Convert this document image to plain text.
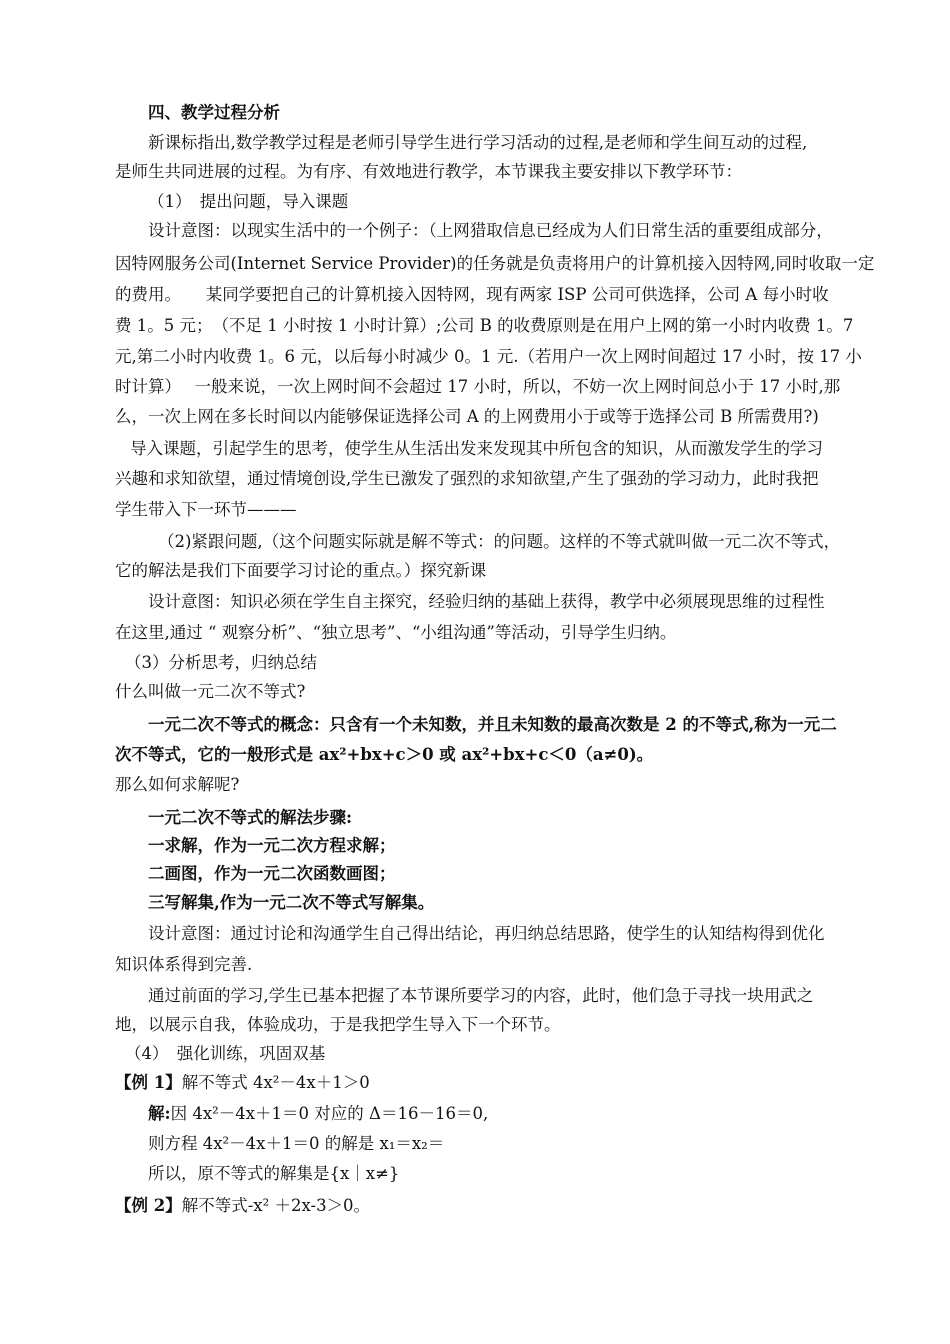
四、教学过程分析
新课标指出,数学教学过程是老师引导学生进行学习活动的过程,是老师和学生间互动的过程,
是师生共同进展的过程。为有序、有效地进行教学，本节课我主要安排以下教学环节：
（1）　提出问题，导入课题
设计意图：以现实生活中的一个例子：（上网猎取信息已经成为人们日常生活的重要组成部分，
因特网服务公司(Internet Service Provider)的任务就是负责将用户的计算机接入因特网,同时收取一定
的费用。　　某同学要把自己的计算机接入因特网，现有两家 ISP 公司可供选择，公司 A 每小时收
费 1。5 元；　（不足 1 小时按 1 小时计算）;公司 B 的收费原则是在用户上网的第一小时内收费 1。7
元,第二小时内收费 1。6 元，以后每小时减少 0。1 元.（若用户一次上网时间超过 17 小时，按 17 小
时计算）　 一般来说，一次上网时间不会超过 17 小时，所以，不妨一次上网时间总小于 17 小时,那
么，一次上网在多长时间以内能够保证选择公司 A 的上网费用小于或等于选择公司 B 所需费用?)
导入课题，引起学生的思考，使学生从生活出发来发现其中所包含的知识，从而激发学生的学习
兴趣和求知欲望，通过情境创设,学生已激发了强烈的求知欲望,产生了强劲的学习动力，此时我把
学生带入下一环节———
（2)紧跟问题,（这个问题实际就是解不等式：的问题。这样的不等式就叫做一元二次不等式，
它的解法是我们下面要学习讨论的重点。）探究新课
设计意图：知识必须在学生自主探究，经验归纳的基础上获得，教学中必须展现思维的过程性
在这里,通过 “ 观察分析”、“独立思考”、“小组沟通”等活动，引导学生归纳。
（3）分析思考，归纳总结
什么叫做一元二次不等式?
一元二次不等式的概念：只含有一个未知数，并且未知数的最高次数是 2 的不等式,称为一元二
次不等式，它的一般形式是 ax²+bx+c＞0 或 ax²+bx+c＜0（a≠0)。
那么如何求解呢?
一元二次不等式的解法步骤:
一求解，作为一元二次方程求解；
二画图，作为一元二次函数画图；
三写解集,作为一元二次不等式写解集。
设计意图：通过讨论和沟通学生自己得出结论，再归纳总结思路，使学生的认知结构得到优化
知识体系得到完善.
通过前面的学习,学生已基本把握了本节课所要学习的内容，此时，他们急于寻找一块用武之
地，以展示自我，体验成功，于是我把学生导入下一个环节。
（4）　强化训练，巩固双基
【例 1】解不等式 4x²－4x＋1＞0
解:因 4x²－4x＋1＝0 对应的 Δ＝16－16＝0,
则方程 4x²－4x＋1＝0 的解是 x₁＝x₂＝
所以，原不等式的解集是{x｜x≠}
【例 2】解不等式-x² ＋2x-3＞0。
